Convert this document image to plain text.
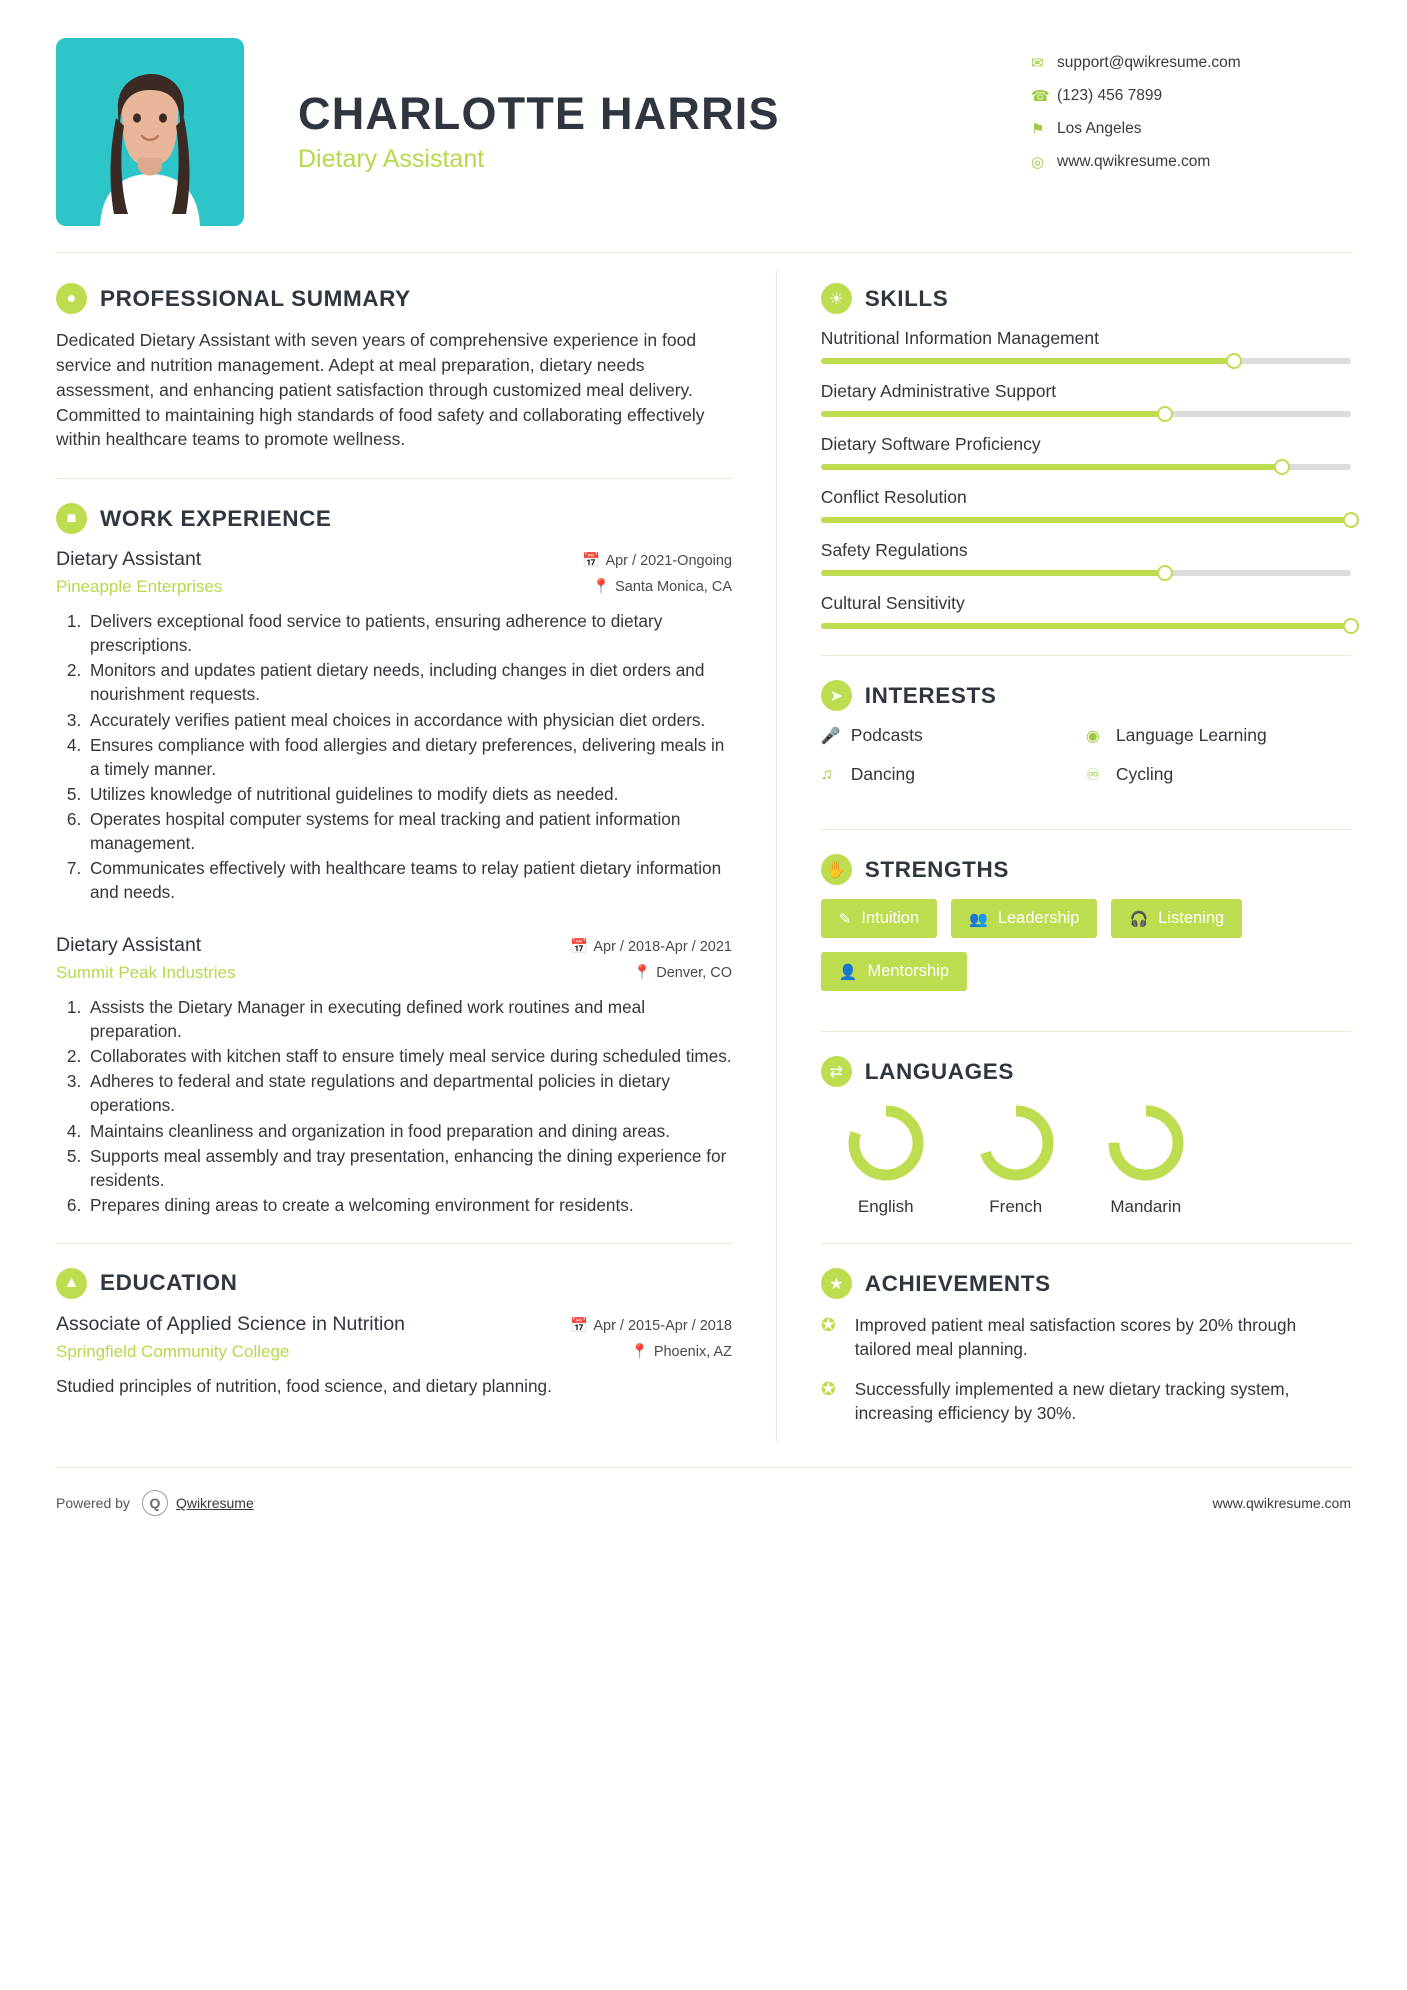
CHARLOTTE HARRIS
Dietary Assistant
✉ support@qwikresume.com
☎ (123) 456 7899
⚑ Los Angeles
◎ www.qwikresume.com
●	PROFESSIONAL SUMMARY
Dedicated Dietary Assistant with seven years of comprehensive experience in food service and nutrition management. Adept at meal preparation, dietary needs assessment, and enhancing patient satisfaction through customized meal delivery. Committed to maintaining high standards of food safety and collaborating effectively within healthcare teams to promote wellness.
■	WORK EXPERIENCE
Dietary Assistant
Pineapple Enterprises
📅 Apr / 2021-Ongoing
📍 Santa Monica, CA
1. Delivers exceptional food service to patients, ensuring adherence to dietary prescriptions.
2. Monitors and updates patient dietary needs, including changes in diet orders and nourishment requests.
3. Accurately verifies patient meal choices in accordance with physician diet orders.
4. Ensures compliance with food allergies and dietary preferences, delivering meals in a timely manner.
5. Utilizes knowledge of nutritional guidelines to modify diets as needed.
6. Operates hospital computer systems for meal tracking and patient information management.
7. Communicates effectively with healthcare teams to relay patient dietary information and needs.
Dietary Assistant
Summit Peak Industries
📅 Apr / 2018-Apr / 2021
📍 Denver, CO
1. Assists the Dietary Manager in executing defined work routines and meal preparation.
2. Collaborates with kitchen staff to ensure timely meal service during scheduled times.
3. Adheres to federal and state regulations and departmental policies in dietary operations.
4. Maintains cleanliness and organization in food preparation and dining areas.
5. Supports meal assembly and tray presentation, enhancing the dining experience for residents.
6. Prepares dining areas to create a welcoming environment for residents.
▲ EDUCATION
Associate of Applied Science in Nutrition
Springfield Community College
📅 Apr / 2015-Apr / 2018
📍 Phoenix, AZ
Studied principles of nutrition, food science, and dietary planning.
☀ SKILLS
Nutritional Information Management
Dietary Administrative Support
Dietary Software Proficiency
Conflict Resolution
Safety Regulations
Cultural Sensitivity
➤ INTERESTS
🎤 Podcasts	◉ Language Learning
♫	Dancing	♾ Cycling
✋ STRENGTHS
✎ Intuition	👥 Leadership	🎧 Listening
👤 Mentorship
⇄ LANGUAGES
English	French	Mandarin
★ ACHIEVEMENTS
✪	Improved patient meal satisfaction scores by 20% through tailored meal planning.
✪	Successfully implemented a new dietary tracking system, increasing efficiency by 30%.
Powered by	Q	Qwikresume	www.qwikresume.com
